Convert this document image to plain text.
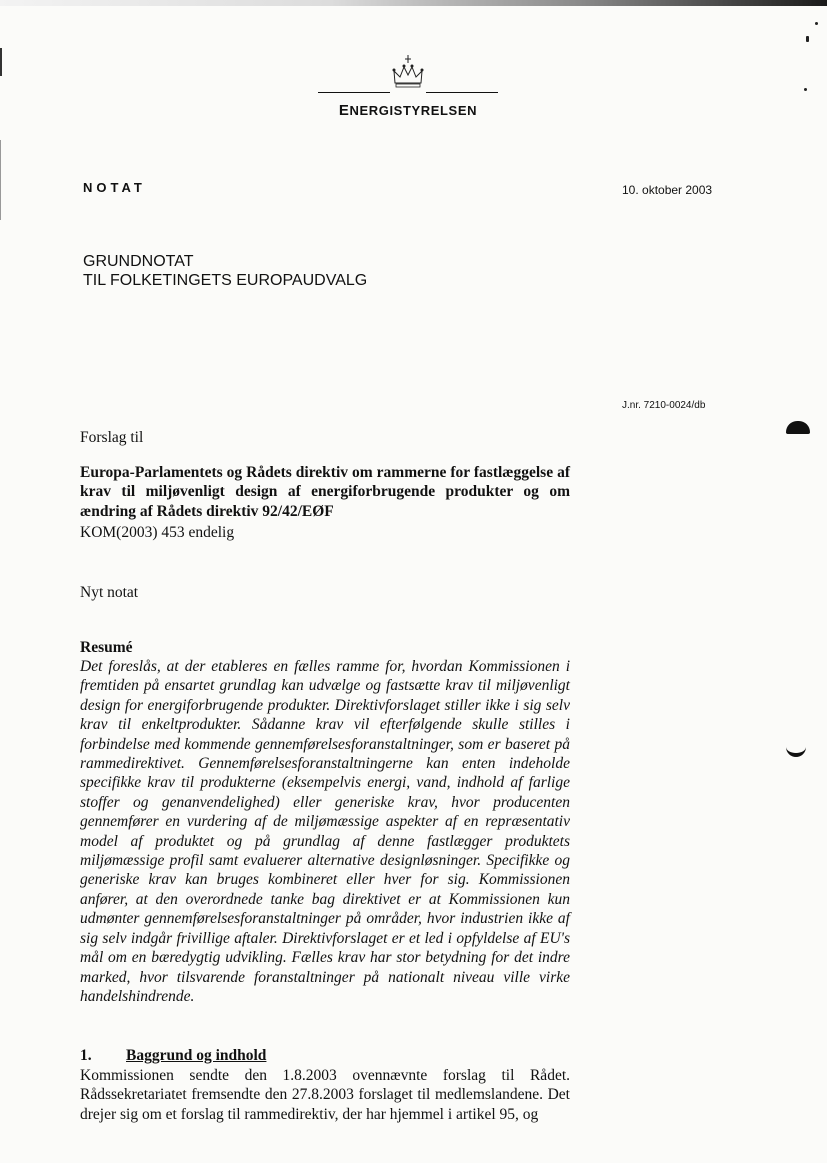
ENERGISTYRELSEN
NOTAT	10. oktober 2003
GRUNDNOTAT
TIL FOLKETINGETS EUROPAUDVALG
J.nr. 7210-0024/db
Forslag til
Europa-Parlamentets og Rådets direktiv om rammerne for fastlæggelse af krav til miljøvenligt design af energiforbrugende produkter og om ændring af Rådets direktiv 92/42/EØF
KOM(2003) 453 endelig
Nyt notat
Resumé
Det foreslås, at der etableres en fælles ramme for, hvordan Kommissionen i fremtiden på ensartet grundlag kan udvælge og fastsætte krav til miljøvenligt design for energiforbrugende produkter. Direktivforslaget stiller ikke i sig selv krav til enkeltprodukter. Sådanne krav vil efterfølgende skulle stilles i forbindelse med kommende gennemførelsesforanstaltninger, som er baseret på rammedirektivet. Gennemførelsesforanstaltningerne kan enten indeholde specifikke krav til produkterne (eksempelvis energi, vand, indhold af farlige stoffer og genanvendelighed) eller generiske krav, hvor producenten gennemfører en vurdering af de miljømæssige aspekter af en repræsentativ model af produktet og på grundlag af denne fastlægger produktets miljømæssige profil samt evaluerer alternative designløsninger. Specifikke og generiske krav kan bruges kombineret eller hver for sig. Kommissionen anfører, at den overordnede tanke bag direktivet er at Kommissionen kun udmønter gennemførelsesforanstaltninger på områder, hvor industrien ikke af sig selv indgår frivillige aftaler. Direktivforslaget er et led i opfyldelse af EU's mål om en bæredygtig udvikling. Fælles krav har stor betydning for det indre marked, hvor tilsvarende foranstaltninger på nationalt niveau ville virke handelshindrende.
1. Baggrund og indhold
Kommissionen sendte den 1.8.2003 ovennævnte forslag til Rådet. Rådssekretariatet fremsendte den 27.8.2003 forslaget til medlemslandene. Det drejer sig om et forslag til rammedirektiv, der har hjemmel i artikel 95, og
